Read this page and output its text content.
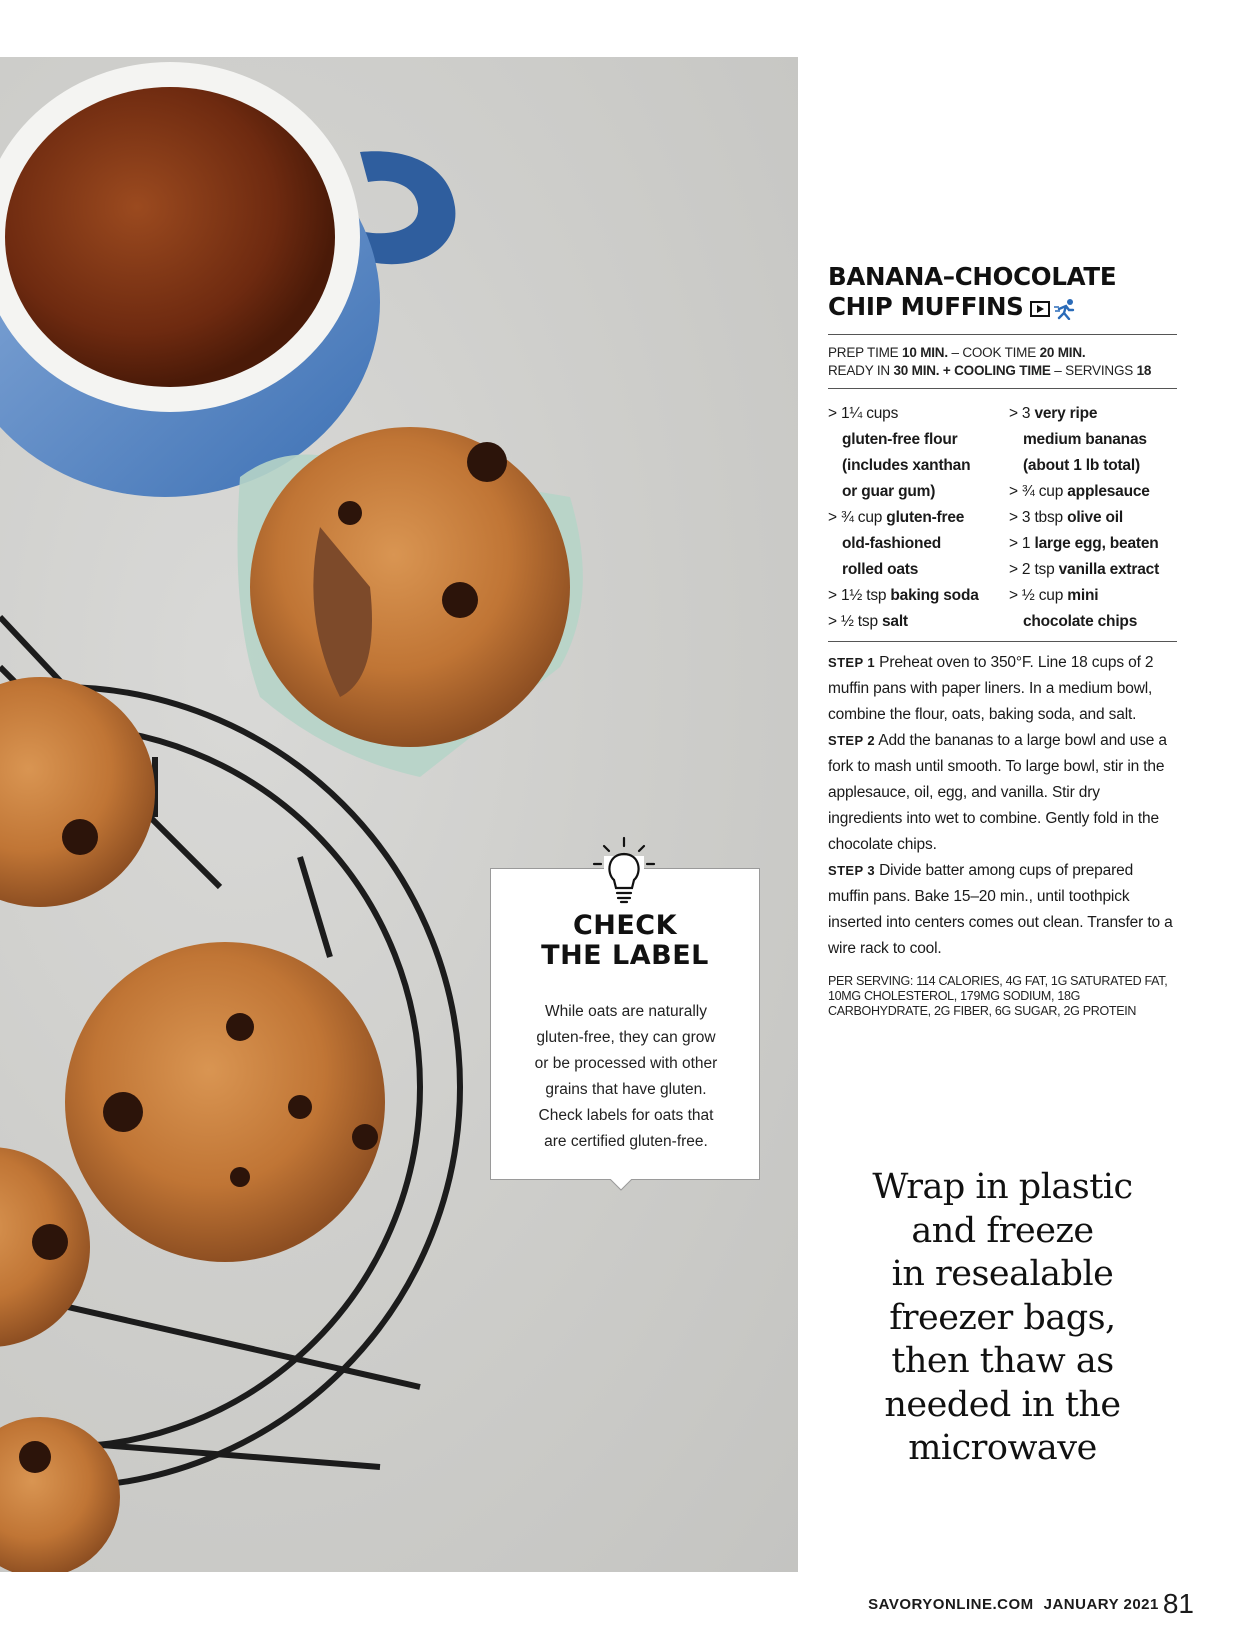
CHECK
THE LABEL
While oats are naturally
gluten-free, they can grow
or be processed with other
grains that have gluten.
Check labels for oats that
are certified gluten-free.
BANANA–CHOCOLATE
CHIP MUFFINS
PREP TIME 10 MIN. – COOK TIME 20 MIN.
READY IN 30 MIN. + COOLING TIME – SERVINGS 18
> 1¼ cups
gluten-free flour
(includes xanthan
or guar gum)
> ¾ cup gluten-free
old-fashioned
rolled oats
> 1½ tsp baking soda
> ½ tsp salt
> 3 very ripe
medium bananas
(about 1 lb total)
> ¾ cup applesauce
> 3 tbsp olive oil
> 1 large egg, beaten
> 2 tsp vanilla extract
> ½ cup mini
chocolate chips

STEP 1 Preheat oven to 350°F. Line 18 cups of 2 muffin pans with paper liners. In a medium bowl, combine the flour, oats, baking soda, and salt.

STEP 2 Add the bananas to a large bowl and use a fork to mash until smooth. To large bowl, stir in the applesauce, oil, egg, and vanilla. Stir dry ingredients into wet to combine. Gently fold in the chocolate chips.

STEP 3 Divide batter among cups of prepared muffin pans. Bake 15–20 min., until toothpick inserted into centers comes out clean. Transfer to a wire rack to cool.

PER SERVING: 114 CALORIES, 4G FAT, 1G SATURATED FAT, 10MG CHOLESTEROL, 179MG SODIUM, 18G CARBOHYDRATE, 2G FIBER, 6G SUGAR, 2G PROTEIN
Wrap in plastic
and freeze
in resealable
freezer bags,
then thaw as
needed in the
microwave
SAVORYONLINE.COM JANUARY 2021 81
